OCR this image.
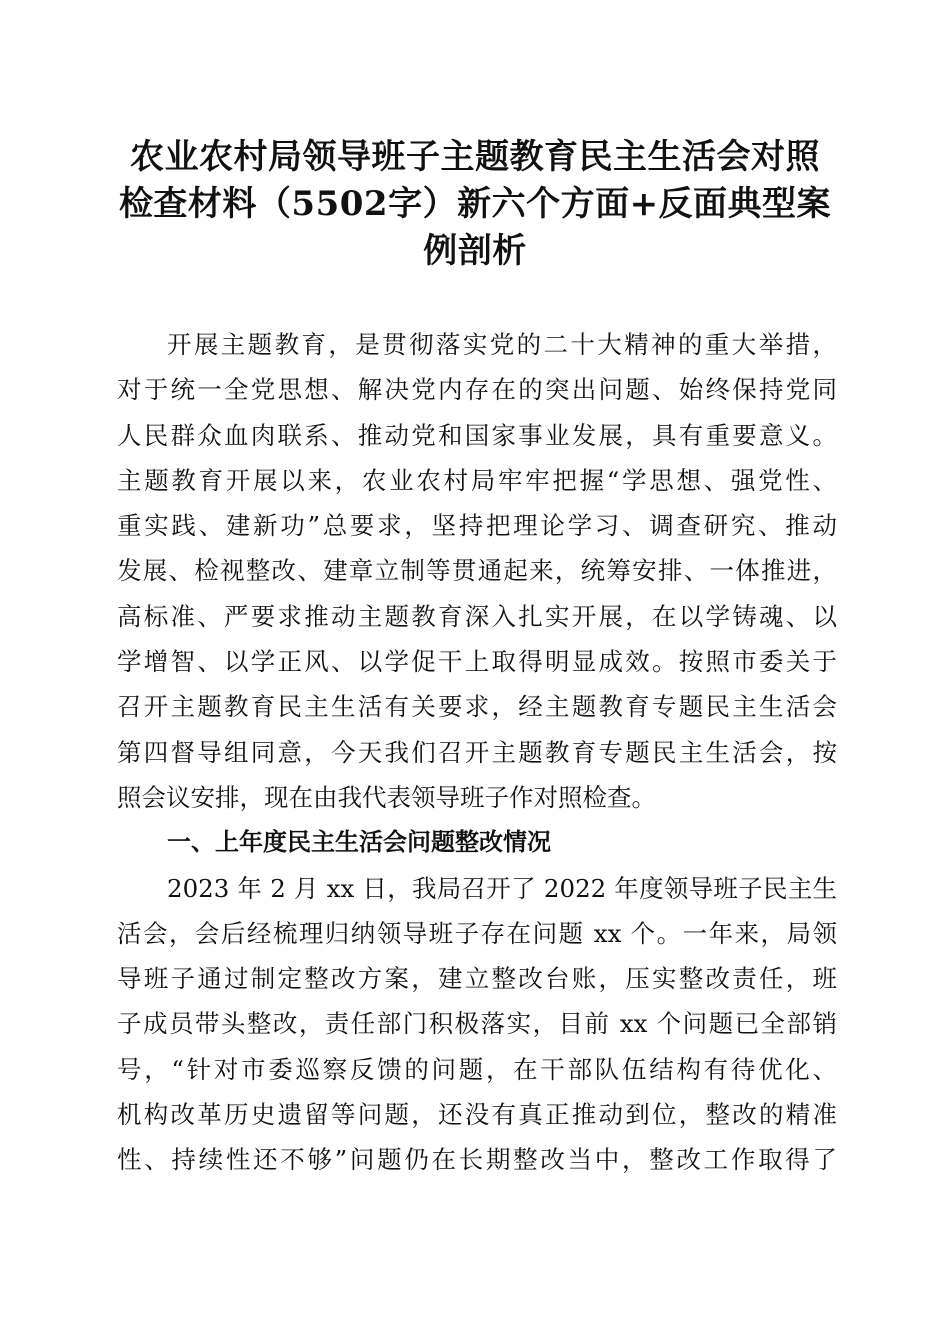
农业农村局领导班子主题教育民主生活会对照
检查材料（5502字）新六个方面+反面典型案
例剖析
开展主题教育，是贯彻落实党的二十大精神的重大举措，
对于统一全党思想、解决党内存在的突出问题、始终保持党同
人民群众血肉联系、推动党和国家事业发展，具有重要意义。
主题教育开展以来，农业农村局牢牢把握“学思想、强党性、
重实践、建新功”总要求，坚持把理论学习、调查研究、推动
发展、检视整改、建章立制等贯通起来，统筹安排、一体推进，
高标准、严要求推动主题教育深入扎实开展，在以学铸魂、以
学增智、以学正风、以学促干上取得明显成效。按照市委关于
召开主题教育民主生活有关要求，经主题教育专题民主生活会
第四督导组同意，今天我们召开主题教育专题民主生活会，按
照会议安排，现在由我代表领导班子作对照检查。
一、上年度民主生活会问题整改情况
2023 年 2 月 xx 日，我局召开了 2022 年度领导班子民主生
活会，会后经梳理归纳领导班子存在问题 xx 个。一年来，局领
导班子通过制定整改方案，建立整改台账，压实整改责任，班
子成员带头整改，责任部门积极落实，目前 xx 个问题已全部销
号，“针对市委巡察反馈的问题，在干部队伍结构有待优化、
机构改革历史遗留等问题，还没有真正推动到位，整改的精准
性、持续性还不够”问题仍在长期整改当中，整改工作取得了
